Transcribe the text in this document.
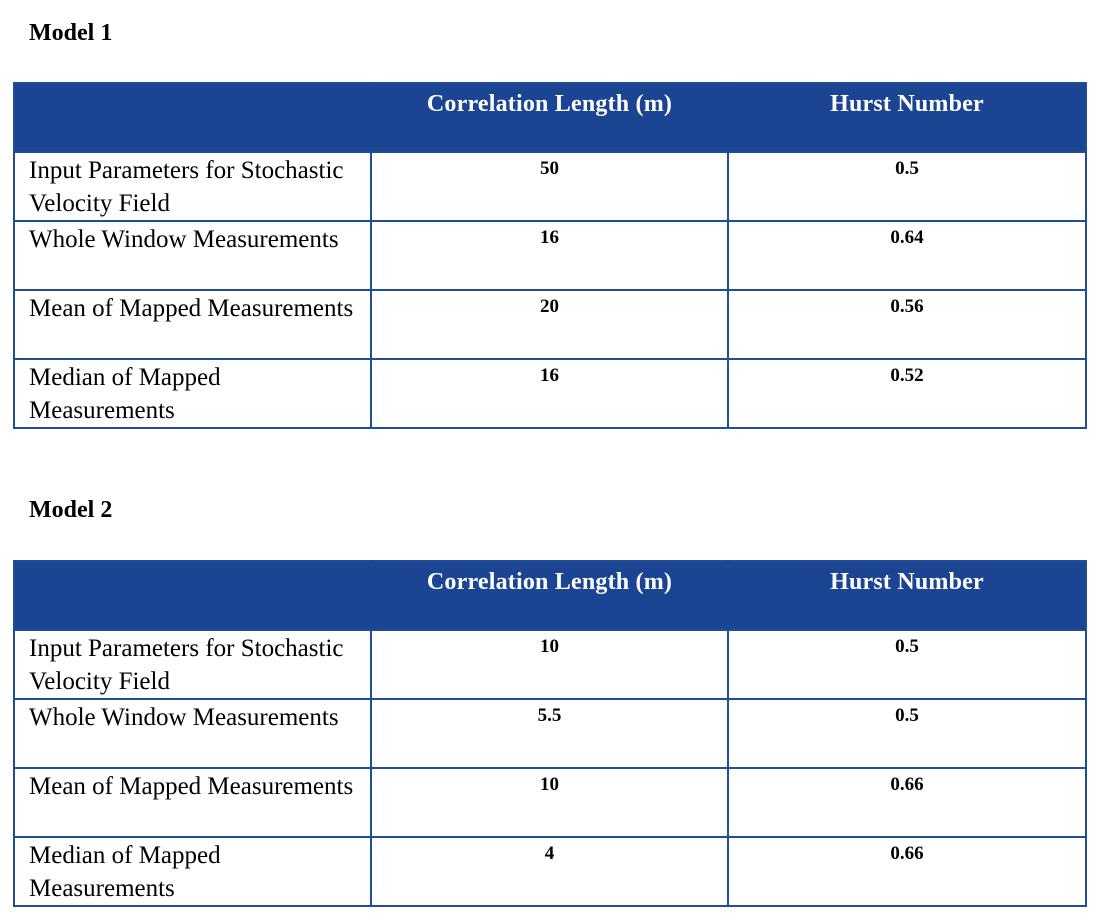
Model 1
	Correlation Length (m)	Hurst Number
Input Parameters for Stochastic Velocity Field	50	0.5
Whole Window Measurements	16	0.64
Mean of Mapped Measurements	20	0.56
Median of Mapped Measurements	16	0.52
Model 2
	Correlation Length (m)	Hurst Number
Input Parameters for Stochastic Velocity Field	10	0.5
Whole Window Measurements	5.5	0.5
Mean of Mapped Measurements	10	0.66
Median of Mapped Measurements	4	0.66
